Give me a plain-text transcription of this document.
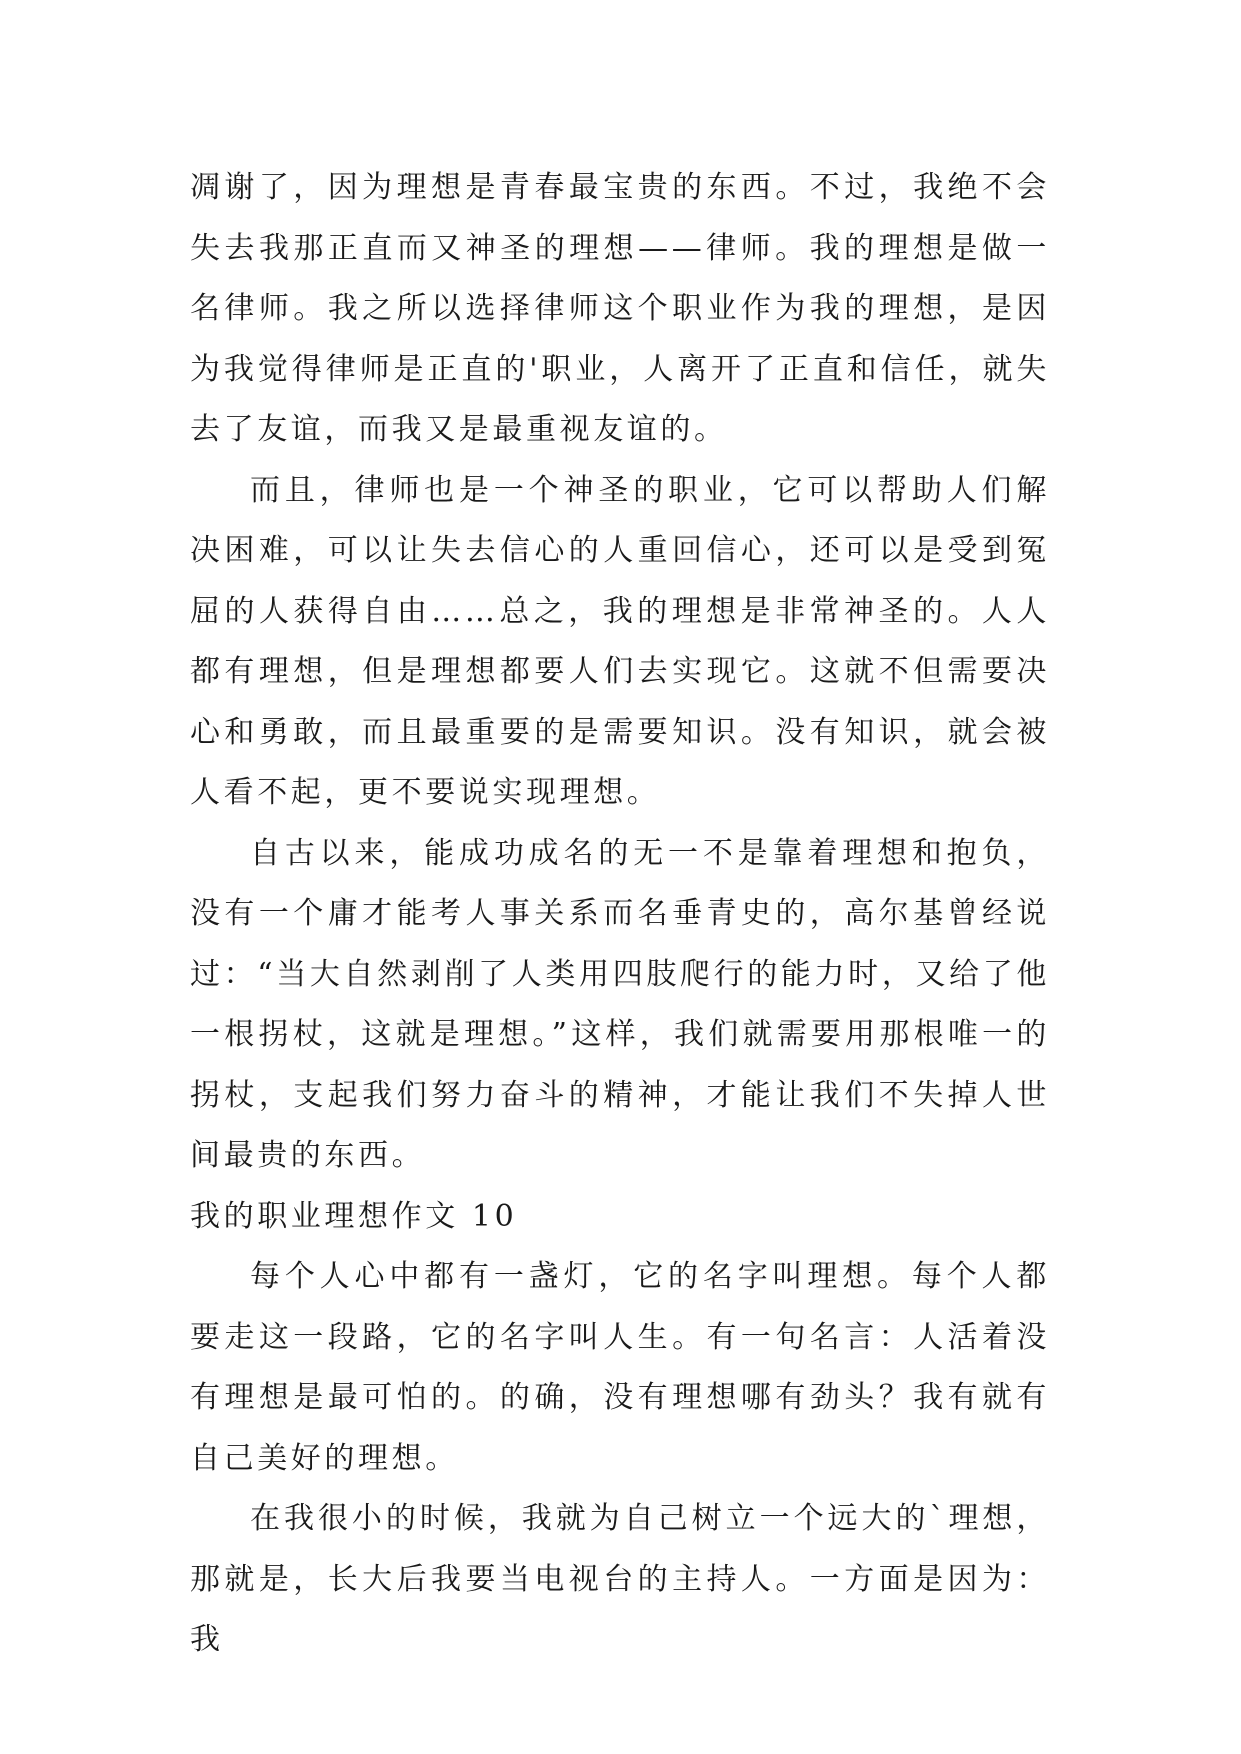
凋谢了，因为理想是青春最宝贵的东西。不过，我绝不会失去我那正直而又神圣的理想——律师。我的理想是做一名律师。我之所以选择律师这个职业作为我的理想，是因为我觉得律师是正直的'职业，人离开了正直和信任，就失去了友谊，而我又是最重视友谊的。

而且，律师也是一个神圣的职业，它可以帮助人们解决困难，可以让失去信心的人重回信心，还可以是受到冤屈的人获得自由……总之，我的理想是非常神圣的。人人都有理想，但是理想都要人们去实现它。这就不但需要决心和勇敢，而且最重要的是需要知识。没有知识，就会被人看不起，更不要说实现理想。

自古以来，能成功成名的无一不是靠着理想和抱负，没有一个庸才能考人事关系而名垂青史的，高尔基曾经说过：“当大自然剥削了人类用四肢爬行的能力时，又给了他一根拐杖，这就是理想。”这样，我们就需要用那根唯一的拐杖，支起我们努力奋斗的精神，才能让我们不失掉人世间最贵的东西。

我的职业理想作文 10

每个人心中都有一盏灯，它的名字叫理想。每个人都要走这一段路，它的名字叫人生。有一句名言：人活着没有理想是最可怕的。的确，没有理想哪有劲头？我有就有自己美好的理想。

在我很小的时候，我就为自己树立一个远大的`理想，那就是，长大后我要当电视台的主持人。一方面是因为：我
